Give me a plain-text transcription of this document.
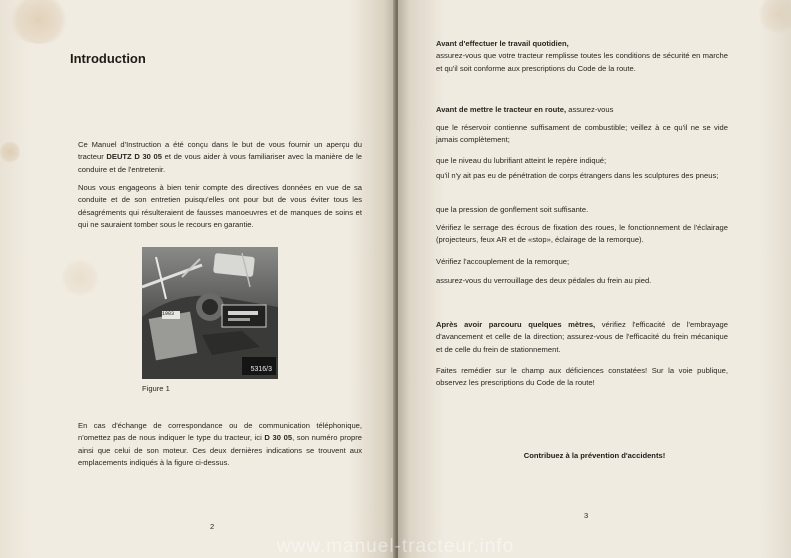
Introduction

Ce Manuel d'Instruction a été conçu dans le but de vous fournir un aperçu du tracteur DEUTZ D 30 05 et de vous aider à vous familiariser avec la manière de le conduire et de l'entretenir.

Nous vous engageons à bien tenir compte des directives données en vue de sa conduite et de son entretien puisqu'elles ont pour but de vous éviter tous les désagréments qui résulteraient de fausses manoeuvres et de manques de soins et qui ne sauraient tomber sous le recours en garantie.

1983
5316/3
Figure 1

En cas d'échange de correspondance ou de communication téléphonique, n'omettez pas de nous indiquer le type du tracteur, ici D 30 05, son numéro propre ainsi que celui de son moteur. Ces deux dernières indications se trouvent aux emplacements indiqués à la figure ci-dessus.

2

Avant d'effectuer le travail quotidien,
assurez-vous que votre tracteur remplisse toutes les conditions de sécurité en marche et qu'il soit conforme aux prescriptions du Code de la route.

Avant de mettre le tracteur en route, assurez-vous

que le réservoir contienne suffisament de combustible; veillez à ce qu'il ne se vide jamais complètement;

que le niveau du lubrifiant atteint le repère indiqué;

qu'il n'y ait pas eu de pénétration de corps étrangers dans les sculptures des pneus;

que la pression de gonflement soit suffisante.

Vérifiez le serrage des écrous de fixation des roues, le fonctionnement de l'éclairage (projecteurs, feux AR et de «stop», éclairage de la remorque).

Vérifiez l'accouplement de la remorque;

assurez-vous du verrouillage des deux pédales du frein au pied.

Après avoir parcouru quelques mètres, vérifiez l'efficacité de l'embrayage d'avancement et celle de la direction; assurez-vous de l'efficacité du frein mécanique et de celle du frein de stationnement.

Faites remédier sur le champ aux déficiences constatées! Sur la voie publique, observez les prescriptions du Code de la route!

Contribuez à la prévention d'accidents!
3
www.manuel-tracteur.info
